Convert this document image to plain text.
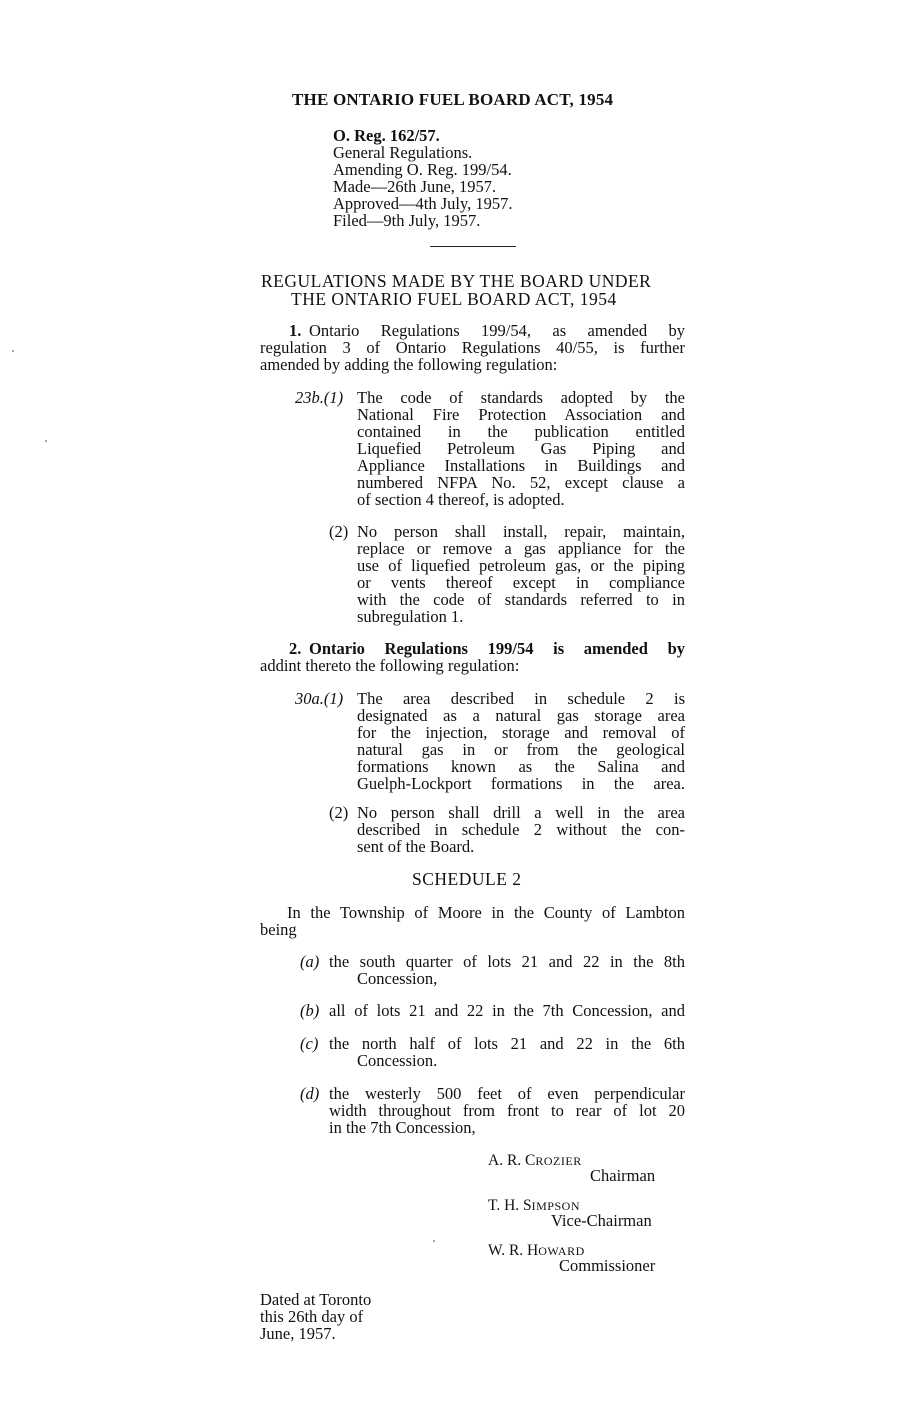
THE ONTARIO FUEL BOARD ACT, 1954
O. Reg. 162/57.
General Regulations.
Amending O. Reg. 199/54.
Made—26th June, 1957.
Approved—4th July, 1957.
Filed—9th July, 1957.
REGULATIONS MADE BY THE BOARD UNDER
THE ONTARIO FUEL BOARD ACT, 1954
1. Ontario Regulations 199/54, as amended by
regulation 3 of Ontario Regulations 40/55, is further
amended by adding the following regulation:
23b.(1) The code of standards adopted by the
National Fire Protection Association and
contained in the publication entitled
Liquefied Petroleum Gas Piping and
Appliance Installations in Buildings and
numbered NFPA No. 52, except clause a
of section 4 thereof, is adopted.
(2) No person shall install, repair, maintain,
replace or remove a gas appliance for the
use of liquefied petroleum gas, or the piping
or vents thereof except in compliance
with the code of standards referred to in
subregulation 1.
2. Ontario Regulations 199/54 is amended by
addint thereto the following regulation:
30a.(1) The area described in schedule 2 is
designated as a natural gas storage area
for the injection, storage and removal of
natural gas in or from the geological
formations known as the Salina and
Guelph-Lockport formations in the area.
(2) No person shall drill a well in the area
described in schedule 2 without the con-
sent of the Board.
SCHEDULE 2
In the Township of Moore in the County of Lambton
being
(a) the south quarter of lots 21 and 22 in the 8th
Concession,
(b) all of lots 21 and 22 in the 7th Concession, and
(c) the north half of lots 21 and 22 in the 6th
Concession.
(d) the westerly 500 feet of even perpendicular
width throughout from front to rear of lot 20
in the 7th Concession,
A. R. CROZIER
Chairman
T. H. SIMPSON
Vice-Chairman
W. R. HOWARD
Commissioner
Dated at Toronto
this 26th day of
June, 1957.
